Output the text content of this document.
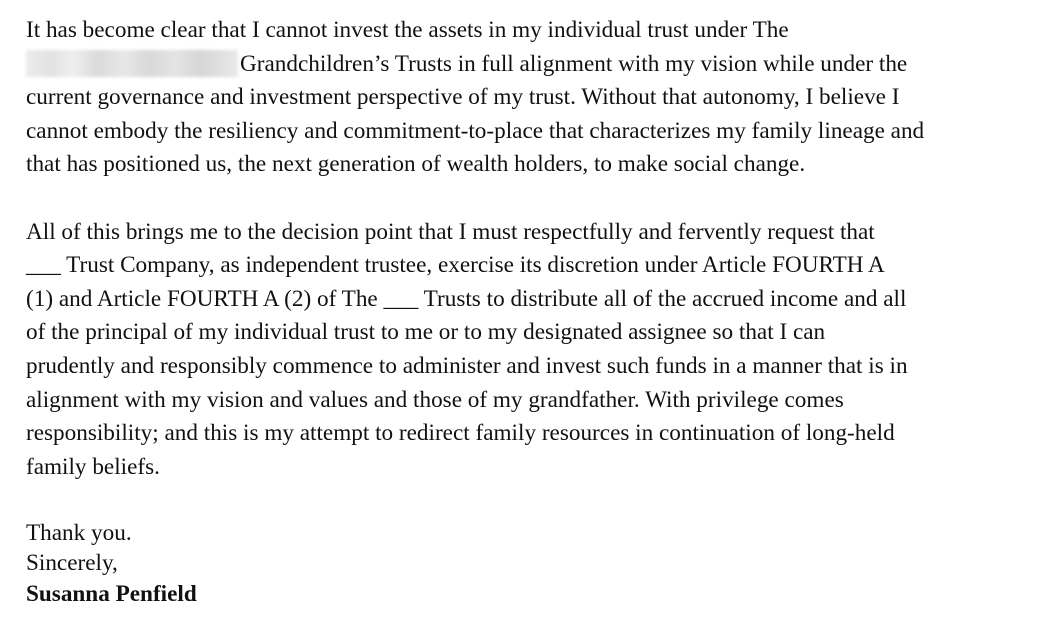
It has become clear that I cannot invest the assets in my individual trust under The
Grandchildren’s Trusts in full alignment with my vision while under the
current governance and investment perspective of my trust. Without that autonomy, I believe I
cannot embody the resiliency and commitment-to-place that characterizes my family lineage and
that has positioned us, the next generation of wealth holders, to make social change.

All of this brings me to the decision point that I must respectfully and fervently request that
___ Trust Company, as independent trustee, exercise its discretion under Article FOURTH A
(1) and Article FOURTH A (2) of The ___ Trusts to distribute all of the accrued income and all
of the principal of my individual trust to me or to my designated assignee so that I can
prudently and responsibly commence to administer and invest such funds in a manner that is in
alignment with my vision and values and those of my grandfather. With privilege comes
responsibility; and this is my attempt to redirect family resources in continuation of long-held
family beliefs.

Thank you.
Sincerely,
Susanna Penfield
